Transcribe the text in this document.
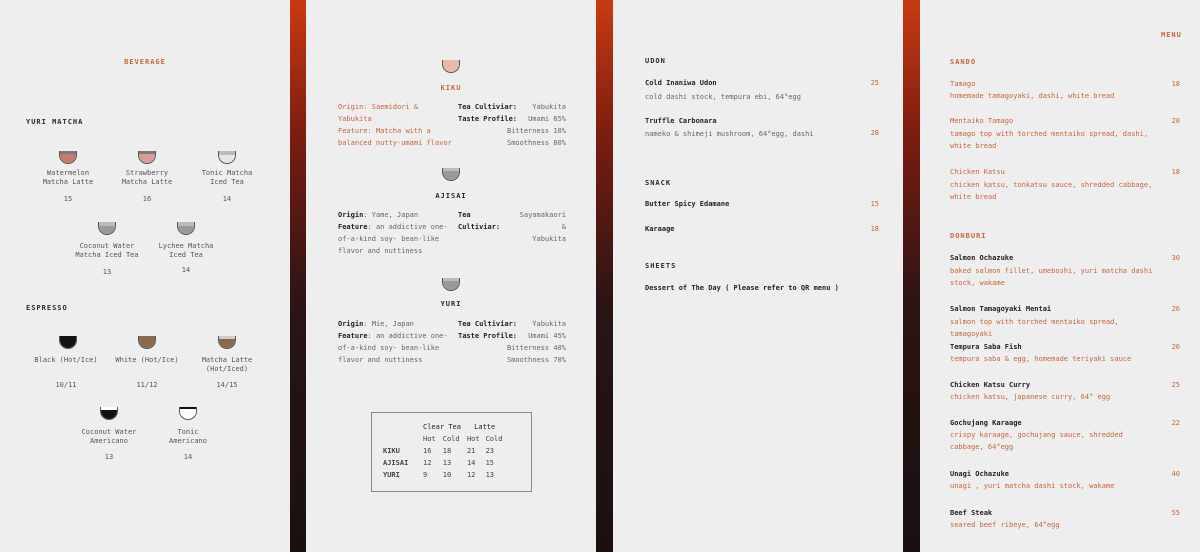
BEVERAGE
YURI MATCHA
Watermelon
Matcha Latte
15
Strawberry
Matcha Latte
16
Tonic Matcha
Iced Tea
14
Coconut Water
Matcha Iced Tea
13
Lychee Matcha
Iced Tea
14
ESPRESSO
Black (Hot/Ice)
10/11
White (Hot/Ice)
11/12
Matcha Latte
(Hot/Iced)
14/15
Coconut Water
Americano
13
Tonic
Americano
14
KIKU
Origin: Saemidori & Yabukita
Feature: Matcha with a balanced nutty-umami flavor
Tea Cultiviar: Yabukita
Taste Profile: Umami 65%
Bitterness 10%
Smoothness 80%
AJISAI
Origin: Yame, Japan
Feature: an addictive one-of-a-kind soy- bean-like flavor and nuttiness
Tea Cultiviar:
Sayamakaori &
Yabukita
YURI
Origin: Mie, Japan
Feature: an addictive one-of-a-kind soy- bean-like flavor and nuttiness
Tea Cultiviar: Yabukita
Taste Profile: Umami 45%
Bitterness 40%
Smoothness 70%
	Clear Tea		Latte	
	Hot	Cold	Hot	Cold
KIKU	16	18	21	23
AJISAI	12	13	14	15
YURI	9	10	12	13
UDON
Cold Inaniwa Udon	25
cold dashi stock, tempura ebi, 64°egg
Truffle Carbonara
28
nameko & shimeji mushroom, 64°egg, dashi
SNACK
Butter Spicy Edamane	15
Karaage	18
SHEETS
Dessert of The Day ( Please refer to QR menu )
MENU
SANDO
Tamago	18
homemade tamagoyaki, dashi, white bread
Mentaiko Tamago	20
tamago top with torched mentaiko spread, dashi, white bread
Chicken Katsu	18
chicken katsu, tonkatsu sauce, shredded cabbage, white bread
DONBURI
Salmon Ochazuke	30
baked salmon fillet, umeboshi, yuri matcha dashi stock, wakame
Salmon Tamagoyaki Mentai	26
salmon top with torched mentaiko spread, tamagoyaki
Tempura Saba Fish	26
tempura saba & egg, homemade teriyaki sauce
Chicken Katsu Curry	25
chicken katsu, japanese curry, 64° egg
Gochujang Karaage	22
crispy karaage, gochujang sauce, shredded cabbage, 64°egg
Unagi Ochazuke	40
unagi , yuri matcha dashi stock, wakame
Beef Steak	55
seared beef ribeye, 64°egg
